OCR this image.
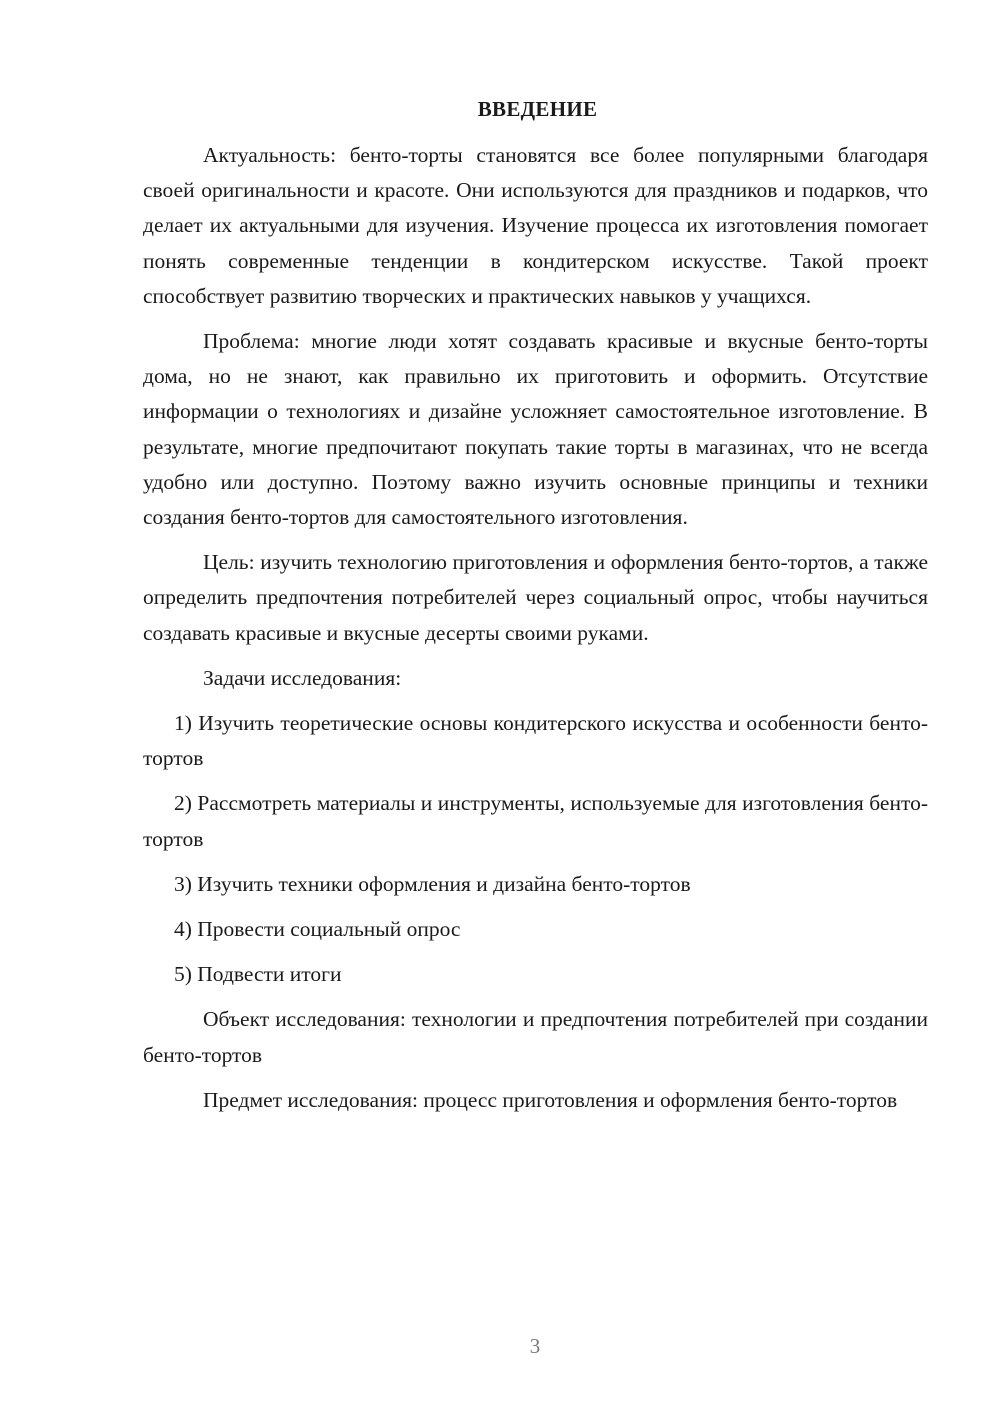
ВВЕДЕНИЕ

Актуальность: бенто-торты становятся все более популярными благодаря своей оригинальности и красоте. Они используются для праздников и подарков, что делает их актуальными для изучения. Изучение процесса их изготовления помогает понять современные тенденции в кондитерском искусстве. Такой проект способствует развитию творческих и практических навыков у учащихся.

Проблема: многие люди хотят создавать красивые и вкусные бенто-торты дома, но не знают, как правильно их приготовить и оформить. Отсутствие информации о технологиях и дизайне усложняет самостоятельное изготовление. В результате, многие предпочитают покупать такие торты в магазинах, что не всегда удобно или доступно. Поэтому важно изучить основные принципы и техники создания бенто-тортов для самостоятельного изготовления.

Цель: изучить технологию приготовления и оформления бенто-тортов, а также определить предпочтения потребителей через социальный опрос, чтобы научиться создавать красивые и вкусные десерты своими руками.

Задачи исследования:

1) Изучить теоретические основы кондитерского искусства и особенности бенто-тортов

2) Рассмотреть материалы и инструменты, используемые для изготовления бенто-тортов

3) Изучить техники оформления и дизайна бенто-тортов

4) Провести социальный опрос

5) Подвести итоги

Объект исследования: технологии и предпочтения потребителей при создании бенто-тортов

Предмет исследования: процесс приготовления и оформления бенто-тортов

3
